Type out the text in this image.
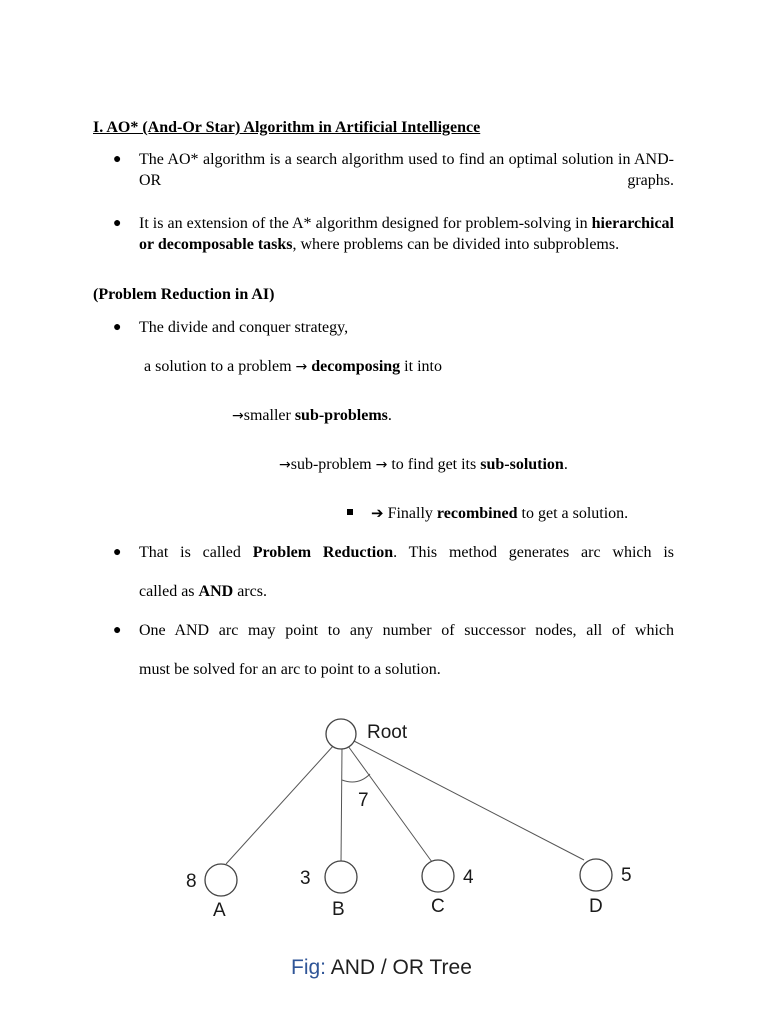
I. AO* (And-Or Star) Algorithm in Artificial Intelligence
● The AO* algorithm is a search algorithm used to find an optimal solution in AND-OR graphs.
● It is an extension of the A* algorithm designed for problem-solving in hierarchical or decomposable tasks, where problems can be divided into subproblems.
(Problem Reduction in AI)
● The divide and conquer strategy,
a solution to a problem → decomposing it into
→smaller sub-problems.
→sub-problem → to find get its sub-solution.
➔ Finally recombined to get a solution.
● That is called Problem Reduction. This method generates arc which is
called as AND arcs.
● One AND arc may point to any number of successor nodes, all of which
must be solved for an arc to point to a solution.
Root
7
8	3	4	5
A	B	C	D
Fig: AND / OR Tree
